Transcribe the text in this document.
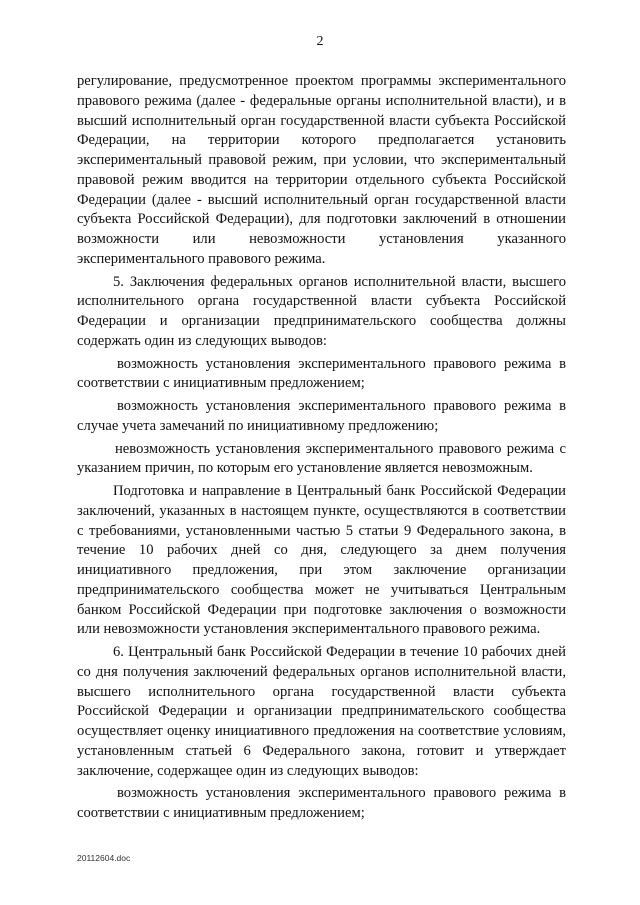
2

регулирование, предусмотренное проектом программы экспериментального правового режима (далее - федеральные органы исполнительной власти), и в высший исполнительный орган государственной власти субъекта Российской Федерации, на территории которого предполагается установить экспериментальный правовой режим, при условии, что экспериментальный правовой режим вводится на территории отдельного субъекта Российской Федерации (далее - высший исполнительный орган государственной власти субъекта Российской Федерации), для подготовки заключений в отношении возможности или невозможности установления указанного экспериментального правового режима.

5. Заключения федеральных органов исполнительной власти, высшего исполнительного органа государственной власти субъекта Российской Федерации и организации предпринимательского сообщества должны содержать один из следующих выводов:

возможность установления экспериментального правового режима в соответствии с инициативным предложением;

возможность установления экспериментального правового режима в случае учета замечаний по инициативному предложению;

невозможность установления экспериментального правового режима с указанием причин, по которым его установление является невозможным.

Подготовка и направление в Центральный банк Российской Федерации заключений, указанных в настоящем пункте, осуществляются в соответствии с требованиями, установленными частью 5 статьи 9 Федерального закона, в течение 10 рабочих дней со дня, следующего за днем получения инициативного предложения, при этом заключение организации предпринимательского сообщества может не учитываться Центральным банком Российской Федерации при подготовке заключения о возможности или невозможности установления экспериментального правового режима.

6. Центральный банк Российской Федерации в течение 10 рабочих дней со дня получения заключений федеральных органов исполнительной власти, высшего исполнительного органа государственной власти субъекта Российской Федерации и организации предпринимательского сообщества осуществляет оценку инициативного предложения на соответствие условиям, установленным статьей 6 Федерального закона, готовит и утверждает заключение, содержащее один из следующих выводов:

возможность установления экспериментального правового режима в соответствии с инициативным предложением;

20112604.doc
